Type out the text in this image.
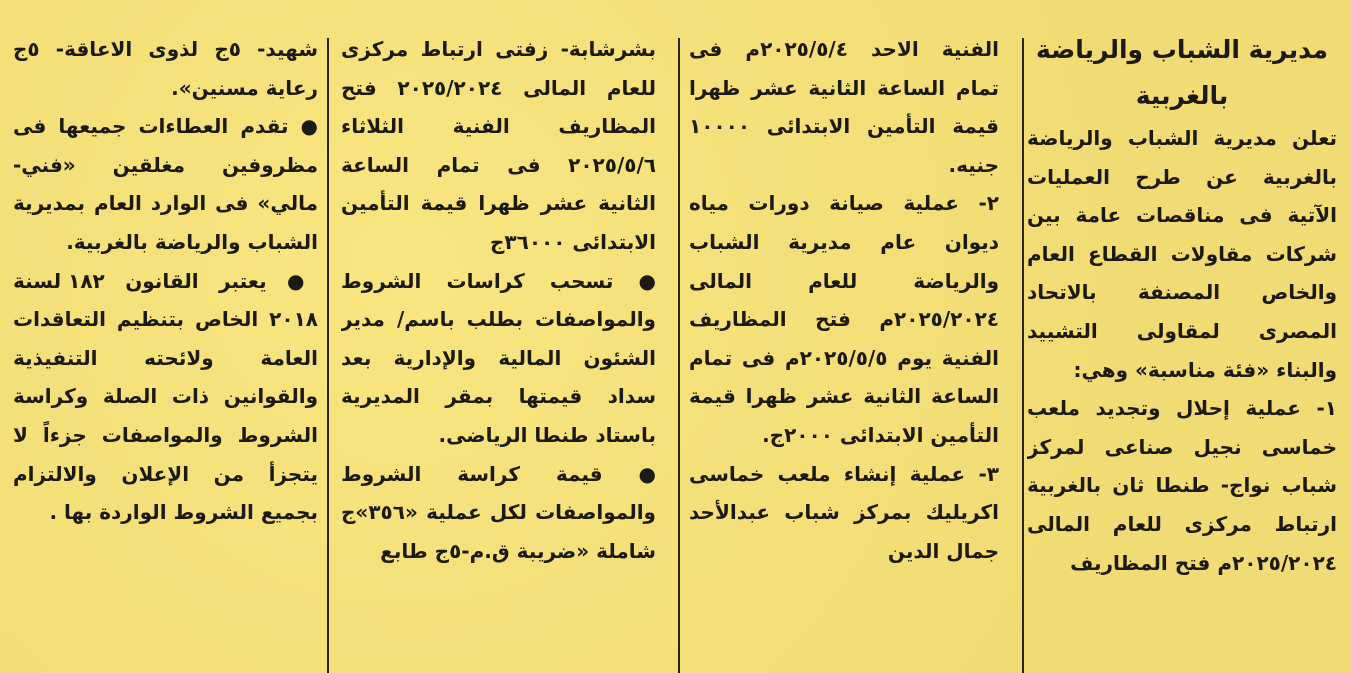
مديرية الشباب والرياضة بالغربية

تعلن مديرية الشباب والرياضة بالغربية عن طرح العمليات الآتية فى مناقصات عامة بين شركات مقاولات القطاع العام والخاص المصنفة بالاتحاد المصرى لمقاولى التشييد والبناء «فئة مناسبة» وهي:

١- عملية إحلال وتجديد ملعب خماسى نجيل صناعى لمركز شباب نواج- طنطا ثان بالغربية ارتباط مركزى للعام المالى ٢٠٢٥/٢٠٢٤م فتح المظاريف

الفنية الاحد ٢٠٢٥/٥/٤م فى تمام الساعة الثانية عشر ظهرا قيمة التأمين الابتدائى ١٠٠٠٠ جنيه.

٢- عملية صيانة دورات مياه ديوان عام مديرية الشباب والرياضة للعام المالى ٢٠٢٥/٢٠٢٤م فتح المظاريف الفنية يوم ٢٠٢٥/٥/٥م فى تمام الساعة الثانية عشر ظهرا قيمة التأمين الابتدائى ٢٠٠٠ج.

٣- عملية إنشاء ملعب خماسى اكريليك بمركز شباب عبدالأحد جمال الدين

بشرشابة- زفتى ارتباط مركزى للعام المالى ٢٠٢٥/٢٠٢٤ فتح المظاريف الفنية الثلاثاء ٢٠٢٥/٥/٦ فى تمام الساعة الثانية عشر ظهرا قيمة التأمين الابتدائى ٣٦٠٠٠ج

● تسحب كراسات الشروط والمواصفات بطلب باسم/ مدير الشئون المالية والإدارية بعد سداد قيمتها بمقر المديرية باستاد طنطا الرياضى.

● قيمة كراسة الشروط والمواصفات لكل عملية «٣٥٦»ج شاملة «ضريبة ق.م-٥ج طابع

شهيد- ٥ج لذوى الاعاقة- ٥ج رعاية مسنين».

● تقدم العطاءات جميعها فى مظروفين مغلقين «فني- مالي» فى الوارد العام بمديرية الشباب والرياضة بالغربية.

● يعتبر القانون ١٨٢ لسنة ٢٠١٨ الخاص بتنظيم التعاقدات العامة ولائحته التنفيذية والقوانين ذات الصلة وكراسة الشروط والمواصفات جزءاً لا يتجزأ من الإعلان والالتزام بجميع الشروط الواردة بها .
